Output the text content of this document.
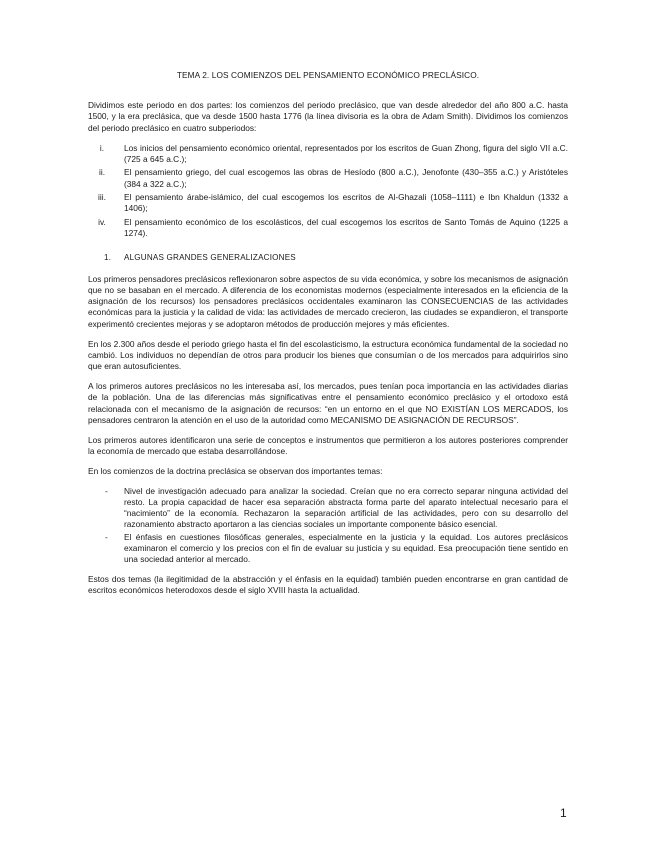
TEMA 2. LOS COMIENZOS DEL PENSAMIENTO ECONÓMICO PRECLÁSICO.

Dividimos este periodo en dos partes: los comienzos del periodo preclásico, que van desde alrededor del año 800 a.C. hasta 1500, y la era preclásica, que va desde 1500 hasta 1776 (la línea divisoria es la obra de Adam Smith). Dividimos los comienzos del periodo preclásico en cuatro subperiodos:

i.	Los inicios del pensamiento económico oriental, representados por los escritos de Guan Zhong, figura del siglo VII a.C. (725 a 645 a.C.);
ii.	El pensamiento griego, del cual escogemos las obras de Hesíodo (800 a.C.), Jenofonte (430–355 a.C.) y Aristóteles (384 a 322 a.C.);
iii.	El pensamiento árabe-islámico, del cual escogemos los escritos de Al-Ghazali (1058–1111) e Ibn Khaldun (1332 a 1406);
iv.	El pensamiento económico de los escolásticos, del cual escogemos los escritos de Santo Tomás de Aquino (1225 a 1274).
1. ALGUNAS GRANDES GENERALIZACIONES

Los primeros pensadores preclásicos reflexionaron sobre aspectos de su vida económica, y sobre los mecanismos de asignación que no se basaban en el mercado. A diferencia de los economistas modernos (especialmente interesados en la eficiencia de la asignación de los recursos) los pensadores preclásicos occidentales examinaron las CONSECUENCIAS de las actividades económicas para la justicia y la calidad de vida: las actividades de mercado crecieron, las ciudades se expandieron, el transporte experimentó crecientes mejoras y se adoptaron métodos de producción mejores y más eficientes.

En los 2.300 años desde el periodo griego hasta el fin del escolasticismo, la estructura económica fundamental de la sociedad no cambió. Los individuos no dependían de otros para producir los bienes que consumían o de los mercados para adquirirlos sino que eran autosuficientes.

A los primeros autores preclásicos no les interesaba así, los mercados, pues tenían poca importancia en las actividades diarias de la población. Una de las diferencias más significativas entre el pensamiento económico preclásico y el ortodoxo está relacionada con el mecanismo de la asignación de recursos: “en un entorno en el que NO EXISTÍAN LOS MERCADOS, los pensadores centraron la atención en el uso de la autoridad como MECANISMO DE ASIGNACIÓN DE RECURSOS”.

Los primeros autores identificaron una serie de conceptos e instrumentos que permitieron a los autores posteriores comprender la economía de mercado que estaba desarrollándose.

En los comienzos de la doctrina preclásica se observan dos importantes temas:

- Nivel de investigación adecuado para analizar la sociedad. Creían que no era correcto separar ninguna actividad del resto. La propia capacidad de hacer esa separación abstracta forma parte del aparato intelectual necesario para el “nacimiento” de la economía. Rechazaron la separación artificial de las actividades, pero con su desarrollo del razonamiento abstracto aportaron a las ciencias sociales un importante componente básico esencial.
- El énfasis en cuestiones filosóficas generales, especialmente en la justicia y la equidad. Los autores preclásicos examinaron el comercio y los precios con el fin de evaluar su justicia y su equidad. Esa preocupación tiene sentido en una sociedad anterior al mercado.

Estos dos temas (la ilegitimidad de la abstracción y el énfasis en la equidad) también pueden encontrarse en gran cantidad de escritos económicos heterodoxos desde el siglo XVIII hasta la actualidad.

1
